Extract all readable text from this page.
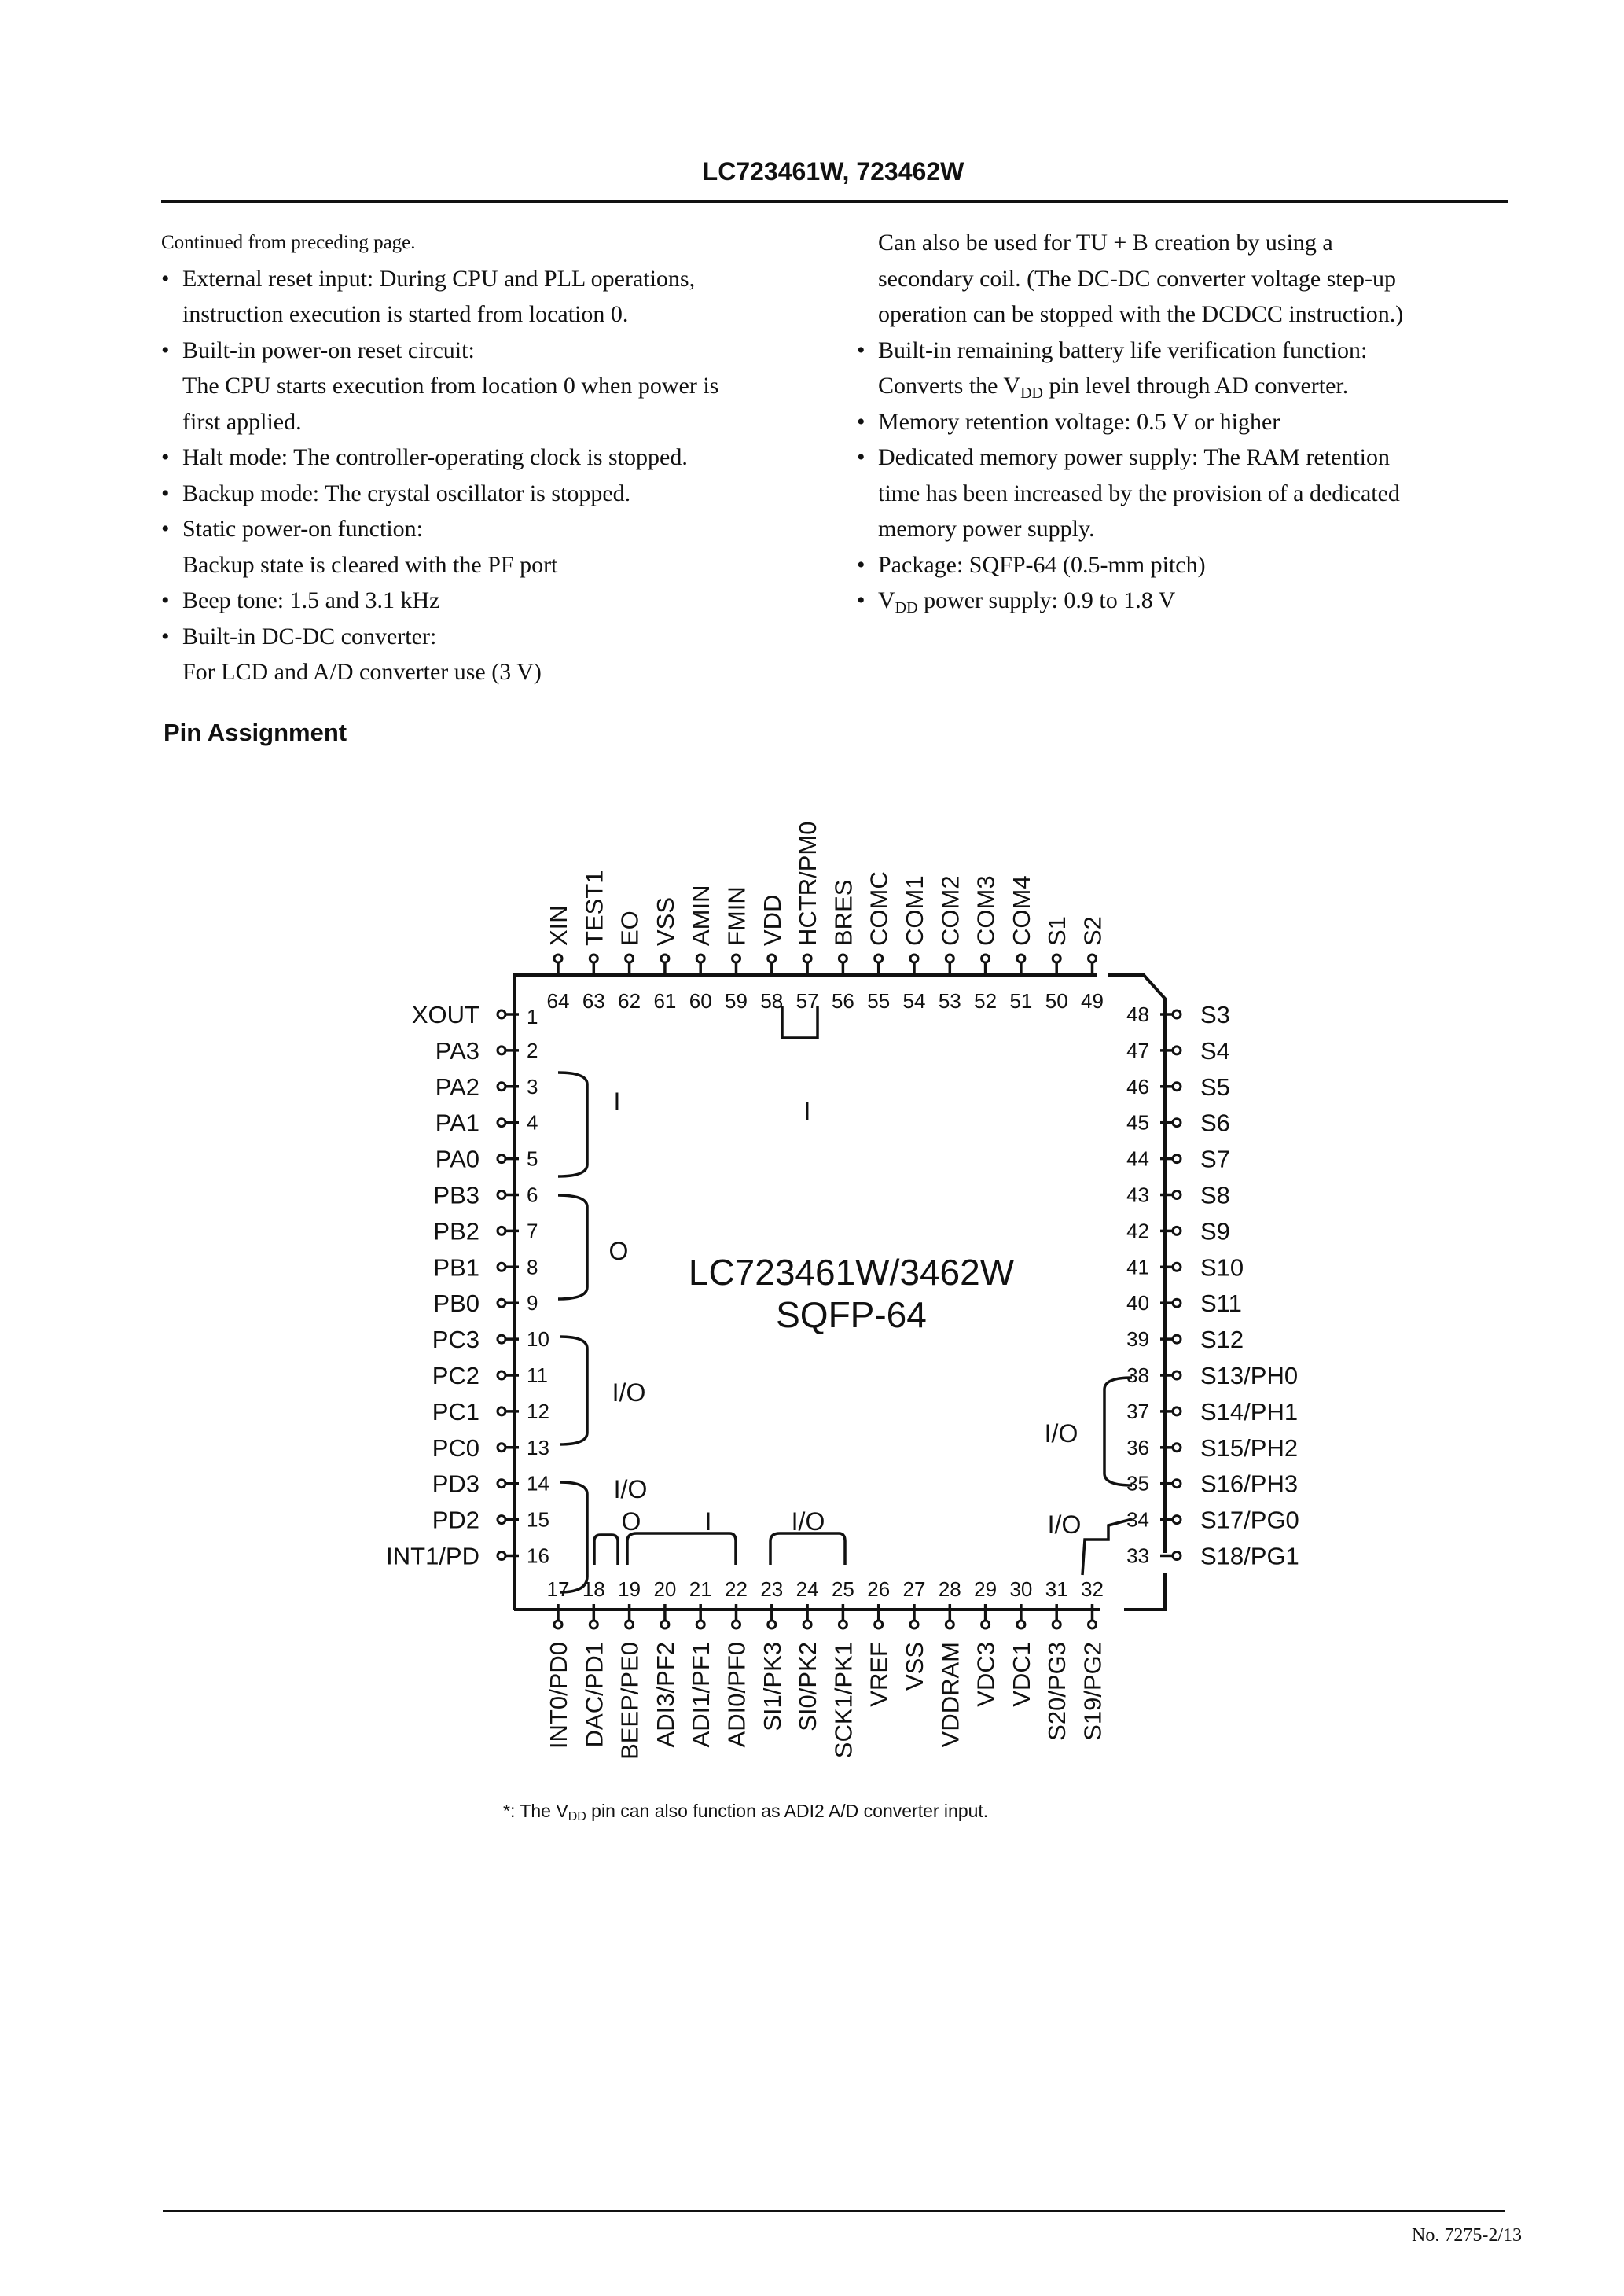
LC723461W, 723462W
Continued from preceding page.
• External reset input: During CPU and PLL operations,
instruction execution is started from location 0.
• Built-in power-on reset circuit:
The CPU starts execution from location 0 when power is
first applied.
• Halt mode: The controller-operating clock is stopped.
• Backup mode: The crystal oscillator is stopped.
• Static power-on function:
Backup state is cleared with the PF port
• Beep tone: 1.5 and 3.1 kHz
• Built-in DC-DC converter:
For LCD and A/D converter use (3 V)
Can also be used for TU + B creation by using a
secondary coil. (The DC-DC converter voltage step-up
operation can be stopped with the DCDCC instruction.)
• Built-in remaining battery life verification function:
Converts the $V_{DD}$ pin level through AD converter.
• Memory retention voltage: 0.5 V or higher
• Dedicated memory power supply: The RAM retention
time has been increased by the provision of a dedicated
memory power supply.
• Package: SQFP-64 (0.5-mm pitch)
• $V_{DD}$ power supply: 0.9 to 1.8 V
Pin Assignment
64
XIN
63
TEST1
62
EO
61
VSS
60
AMIN
59
FMIN
58
VDD
57
HCTR/PM0
56
BRES
55
COMC
54
COM1
53
COM2
52
COM3
51
COM4
50
S1
49
S2
1
XOUT
2
PA3
3
PA2
4
PA1
5
PA0
6
PB3
7
PB2
8
PB1
9
PB0
10
PC3
11
PC2
12
PC1
13
PC0
14
PD3
15
PD2
16
INT1/PD
48 S3
47 S4
46 S5
45 S6
44 S7
43 S8
42 S9
41 S10
40 S11
39 S12
38 S13/PH0
37 S14/PH1
36 S15/PH2
35 S16/PH3
34 S17/PG0
33 S18/PG1
17
INT0/PD0
18
DAC/PD1
19
BEEP/PE0
20
ADI3/PF2
21
ADI1/PF1
22
ADI0/PF0
23
SI1/PK3
24
SI0/PK2
25
SCK1/PK1
26
VREF
27
VSS
28
VDDRAM
29
VDC3
30
VDC1
31
S20/PG3
32
S19/PG2
I
O
I/O
I/O
O	I	I/O
I
I/O
I/O
LC723461W/3462W
SQFP-64
*: The $V_{DD}$ pin can also function as ADI2 A/D converter input.
No. 7275-2/13
